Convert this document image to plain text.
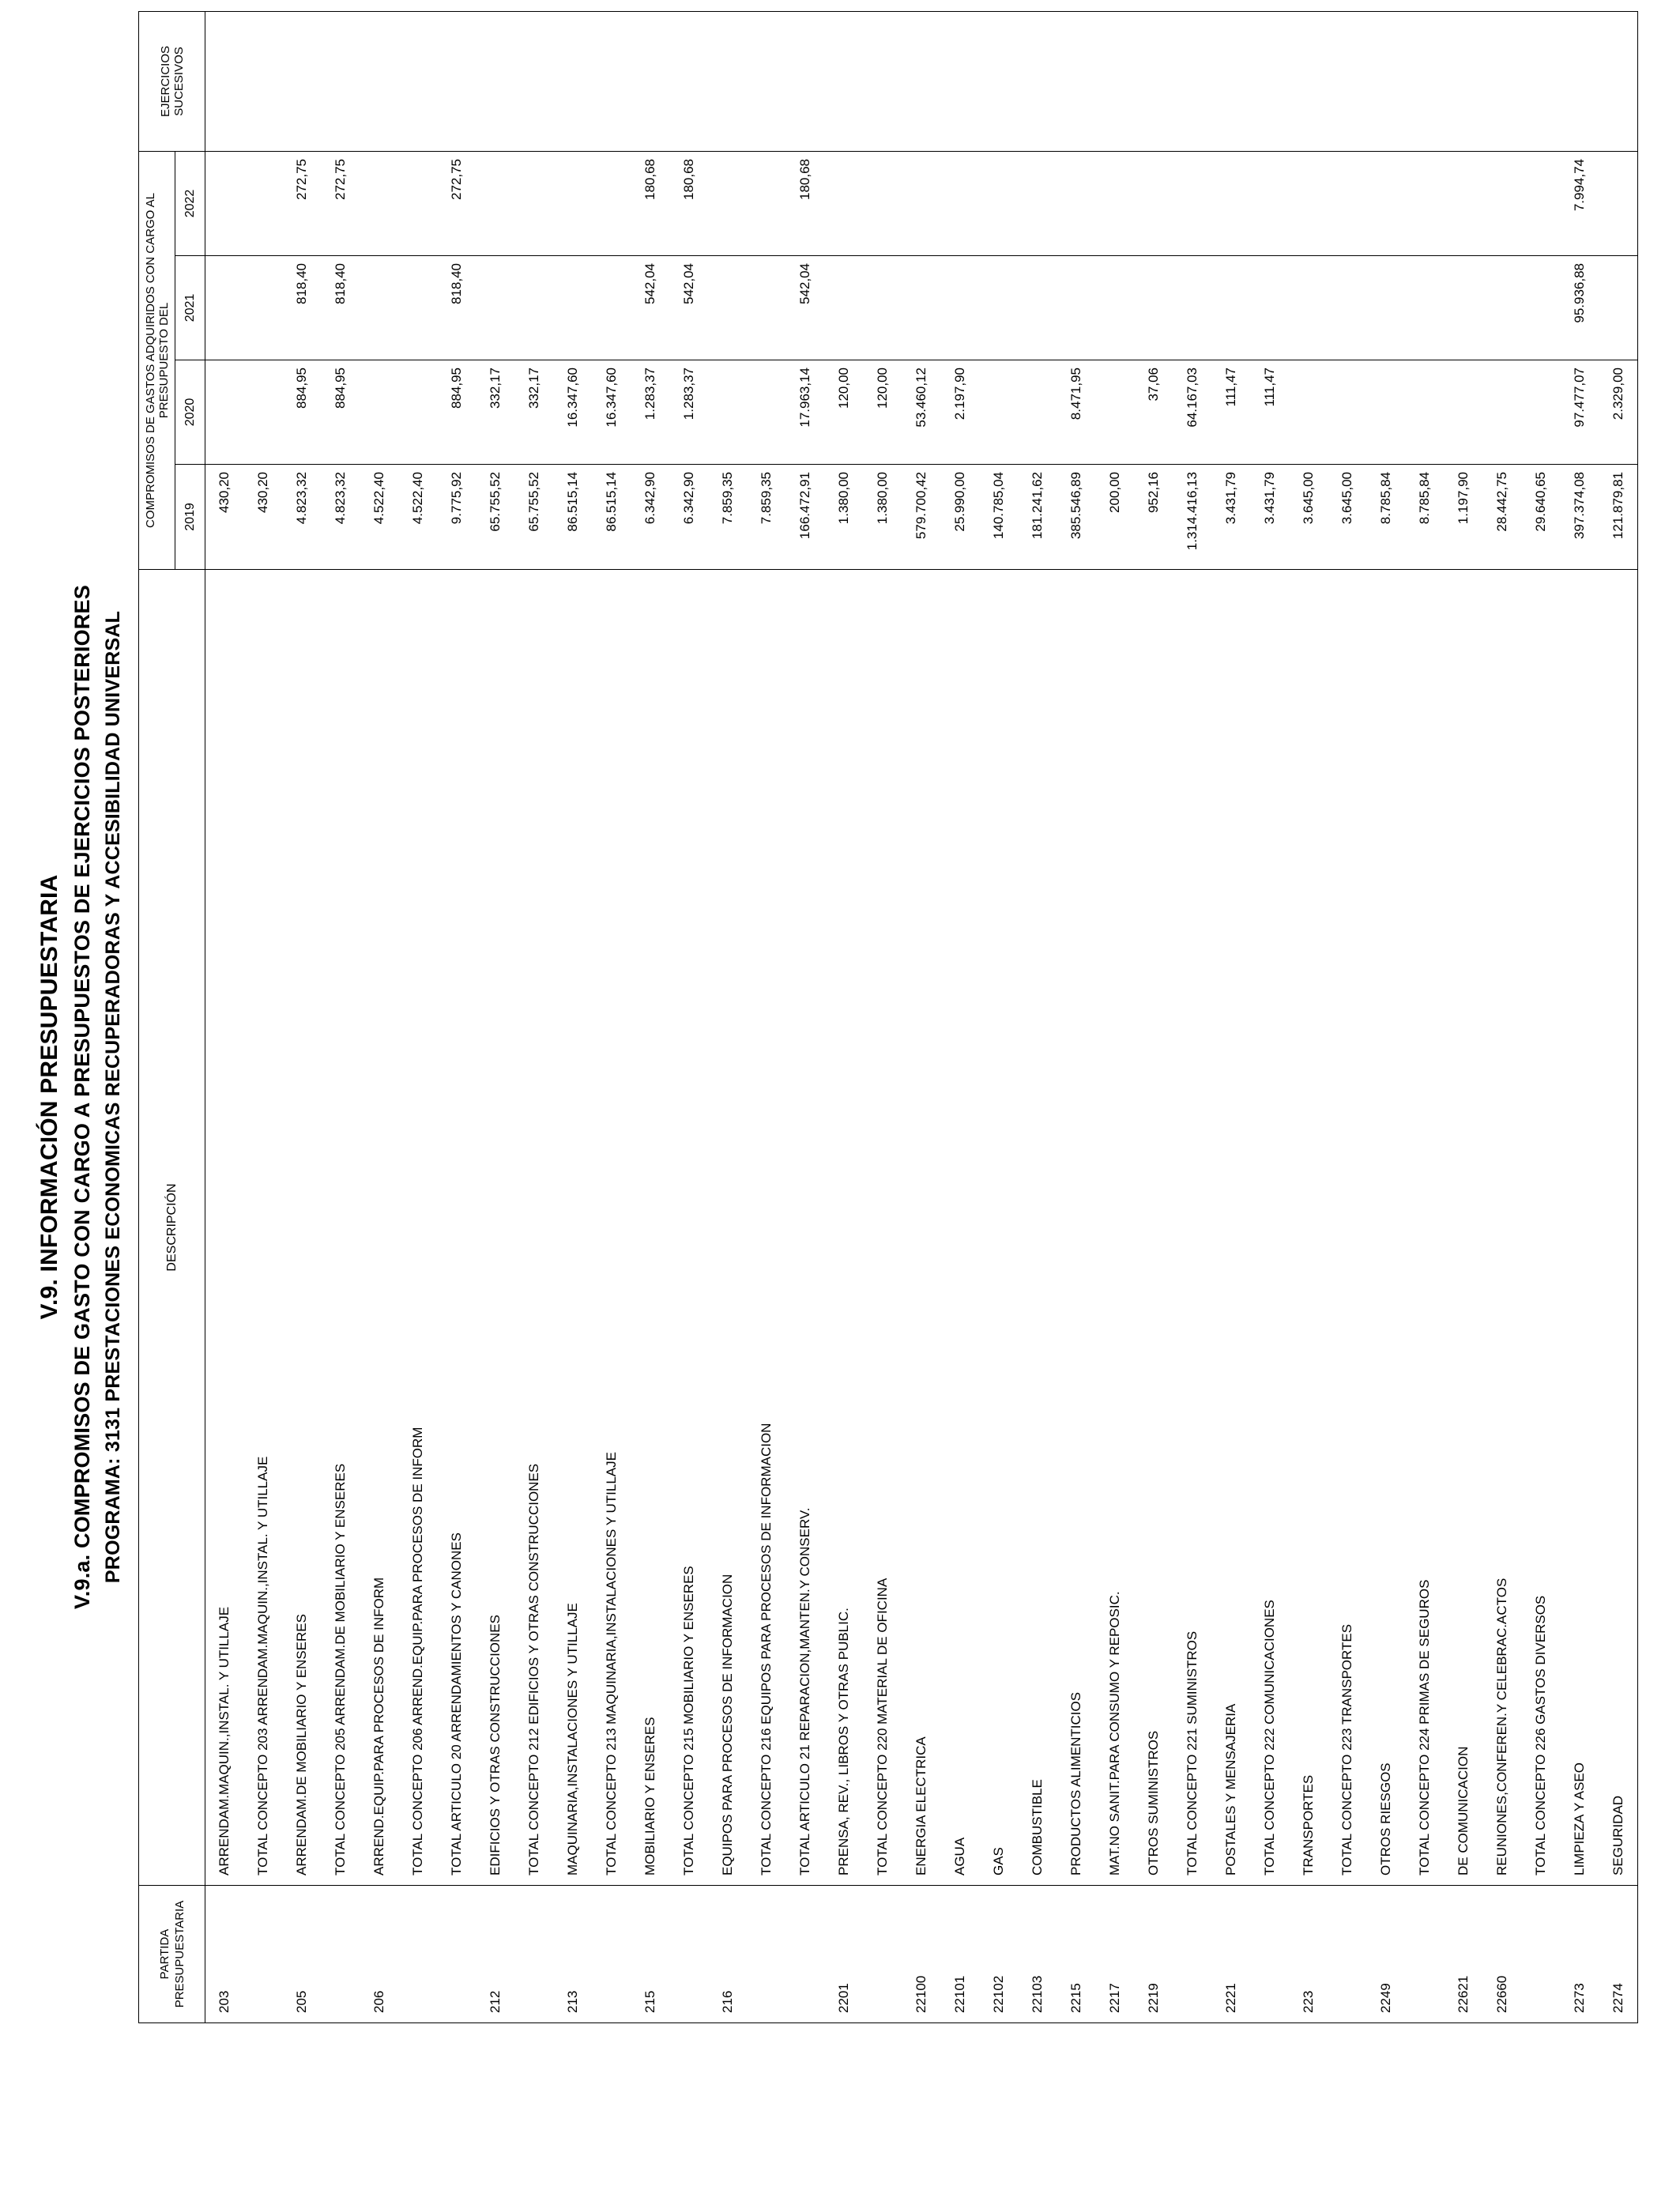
V.9. INFORMACIÓN PRESUPUESTARIA V.9.a. COMPROMISOS DE GASTO CON CARGO A PRESUPUESTOS DE EJERCICIOS POSTERIORES PROGRAMA: 3131 PRESTACIONES ECONOMICAS RECUPERADORAS Y ACCESIBILIDAD UNIVERSAL
PARTIDA PRESUPUESTARIA	DESCRIPCIÓN	COMPROMISOS DE GASTOS ADQUIRIDOS CON CARGO AL PRESUPUESTO DEL				EJERCICIOS SUCESIVOS
		2019	2020	2021	2022	
203	ARRENDAM.MAQUIN.,INSTAL. Y UTILLAJE	430,20				
	TOTAL CONCEPTO 203 ARRENDAM.MAQUIN.,INSTAL. Y UTILLAJE	430,20				
205	ARRENDAM.DE MOBILIARIO Y ENSERES	4.823,32	884,95	818,40	272,75	
	TOTAL CONCEPTO 205 ARRENDAM.DE MOBILIARIO Y ENSERES	4.823,32	884,95	818,40	272,75	
206	ARREND.EQUIP.PARA PROCESOS DE INFORM	4.522,40				
	TOTAL CONCEPTO 206 ARREND.EQUIP.PARA PROCESOS DE INFORM	4.522,40				
	TOTAL ARTICULO 20 ARRENDAMIENTOS Y CANONES	9.775,92	884,95	818,40	272,75	
212	EDIFICIOS Y OTRAS CONSTRUCCIONES	65.755,52	332,17			
	TOTAL CONCEPTO 212 EDIFICIOS Y OTRAS CONSTRUCCIONES	65.755,52	332,17			
213	MAQUINARIA,INSTALACIONES Y UTILLAJE	86.515,14	16.347,60			
	TOTAL CONCEPTO 213 MAQUINARIA,INSTALACIONES Y UTILLAJE	86.515,14	16.347,60			
215	MOBILIARIO Y ENSERES	6.342,90	1.283,37	542,04	180,68	
	TOTAL CONCEPTO 215 MOBILIARIO Y ENSERES	6.342,90	1.283,37	542,04	180,68	
216	EQUIPOS PARA PROCESOS DE INFORMACION	7.859,35				
	TOTAL CONCEPTO 216 EQUIPOS PARA PROCESOS DE INFORMACION	7.859,35				
	TOTAL ARTICULO 21 REPARACION,MANTEN.Y CONSERV.	166.472,91	17.963,14	542,04	180,68	
2201	PRENSA, REV., LIBROS Y OTRAS PUBLIC.	1.380,00	120,00			
	TOTAL CONCEPTO 220 MATERIAL DE OFICINA	1.380,00	120,00			
22100	ENERGIA ELECTRICA	579.700,42	53.460,12			
22101	AGUA	25.990,00	2.197,90			
22102	GAS	140.785,04				
22103	COMBUSTIBLE	181.241,62				
2215	PRODUCTOS ALIMENTICIOS	385.546,89	8.471,95			
2217	MAT.NO SANIT.PARA CONSUMO Y REPOSIC.	200,00				
2219	OTROS SUMINISTROS	952,16	37,06			
	TOTAL CONCEPTO 221 SUMINISTROS	1.314.416,13	64.167,03			
2221	POSTALES Y MENSAJERIA	3.431,79	111,47			
	TOTAL CONCEPTO 222 COMUNICACIONES	3.431,79	111,47			
223	TRANSPORTES	3.645,00				
	TOTAL CONCEPTO 223 TRANSPORTES	3.645,00				
2249	OTROS RIESGOS	8.785,84				
	TOTAL CONCEPTO 224 PRIMAS DE SEGUROS	8.785,84				
22621	DE COMUNICACION	1.197,90				
22660	REUNIONES,CONFEREN.Y CELEBRAC.ACTOS	28.442,75				
	TOTAL CONCEPTO 226 GASTOS DIVERSOS	29.640,65				
2273	LIMPIEZA Y ASEO	397.374,08	97.477,07	95.936,88	7.994,74	
2274	SEGURIDAD	121.879,81	2.329,00			
